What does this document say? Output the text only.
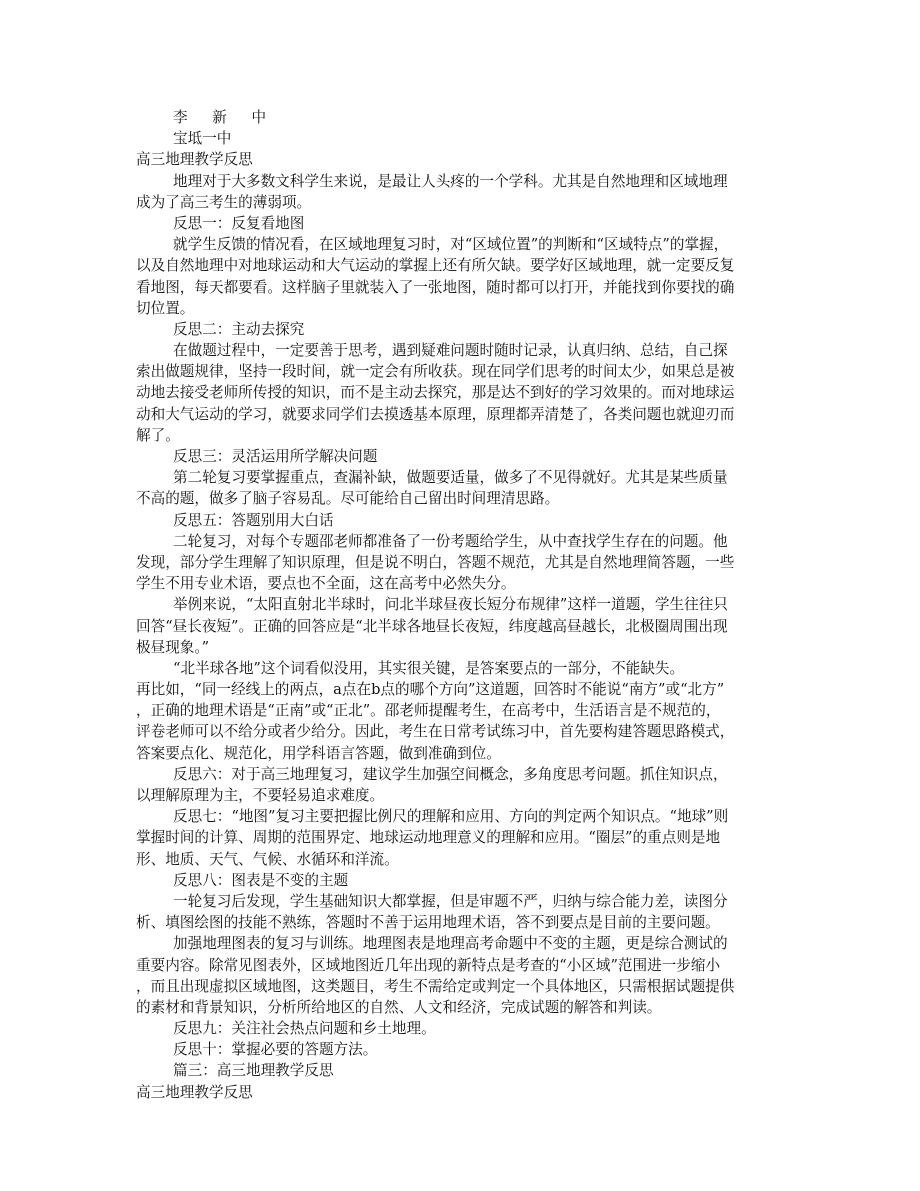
李 新 中
宝坻一中
高三地理教学反思
地理对于大多数文科学生来说，是最让人头疼的一个学科。尤其是自然地理和区域地理
成为了高三考生的薄弱项。
反思一：反复看地图
就学生反馈的情况看，在区域地理复习时，对“区域位置”的判断和“区域特点”的掌握，
以及自然地理中对地球运动和大气运动的掌握上还有所欠缺。要学好区域地理，就一定要反复
看地图，每天都要看。这样脑子里就装入了一张地图，随时都可以打开，并能找到你要找的确
切位置。
反思二：主动去探究
在做题过程中，一定要善于思考，遇到疑难问题时随时记录，认真归纳、总结，自己探
索出做题规律，坚持一段时间，就一定会有所收获。现在同学们思考的时间太少，如果总是被
动地去接受老师所传授的知识，而不是主动去探究，那是达不到好的学习效果的。而对地球运
动和大气运动的学习，就要求同学们去摸透基本原理，原理都弄清楚了，各类问题也就迎刃而
解了。
反思三：灵活运用所学解决问题
第二轮复习要掌握重点，查漏补缺，做题要适量，做多了不见得就好。尤其是某些质量
不高的题，做多了脑子容易乱。尽可能给自己留出时间理清思路。
反思五：答题别用大白话
二轮复习，对每个专题邵老师都准备了一份考题给学生，从中查找学生存在的问题。他
发现，部分学生理解了知识原理，但是说不明白，答题不规范，尤其是自然地理简答题，一些
学生不用专业术语，要点也不全面，这在高考中必然失分。
举例来说，“太阳直射北半球时，问北半球昼夜长短分布规律”这样一道题，学生往往只
回答“昼长夜短”。正确的回答应是“北半球各地昼长夜短，纬度越高昼越长，北极圈周围出现
极昼现象。”
“北半球各地”这个词看似没用，其实很关键，是答案要点的一部分，不能缺失。
再比如，“同一经线上的两点，a点在b点的哪个方向”这道题，回答时不能说“南方”或“北方”
，正确的地理术语是“正南”或“正北”。邵老师提醒考生，在高考中，生活语言是不规范的，
评卷老师可以不给分或者少给分。因此，考生在日常考试练习中，首先要构建答题思路模式，
答案要点化、规范化，用学科语言答题，做到准确到位。
反思六：对于高三地理复习，建议学生加强空间概念，多角度思考问题。抓住知识点，
以理解原理为主，不要轻易追求难度。
反思七：“地图”复习主要把握比例尺的理解和应用、方向的判定两个知识点。“地球”则
掌握时间的计算、周期的范围界定、地球运动地理意义的理解和应用。“圈层”的重点则是地
形、地质、天气、气候、水循环和洋流。
反思八：图表是不变的主题
一轮复习后发现，学生基础知识大都掌握，但是审题不严，归纳与综合能力差，读图分
析、填图绘图的技能不熟练，答题时不善于运用地理术语，答不到要点是目前的主要问题。
加强地理图表的复习与训练。地理图表是地理高考命题中不变的主题，更是综合测试的
重要内容。除常见图表外，区域地图近几年出现的新特点是考查的“小区域”范围进一步缩小
，而且出现虚拟区域地图，这类题目，考生不需给定或判定一个具体地区，只需根据试题提供
的素材和背景知识，分析所给地区的自然、人文和经济，完成试题的解答和判读。
反思九：关注社会热点问题和乡土地理。
反思十：掌握必要的答题方法。
篇三：高三地理教学反思
高三地理教学反思
